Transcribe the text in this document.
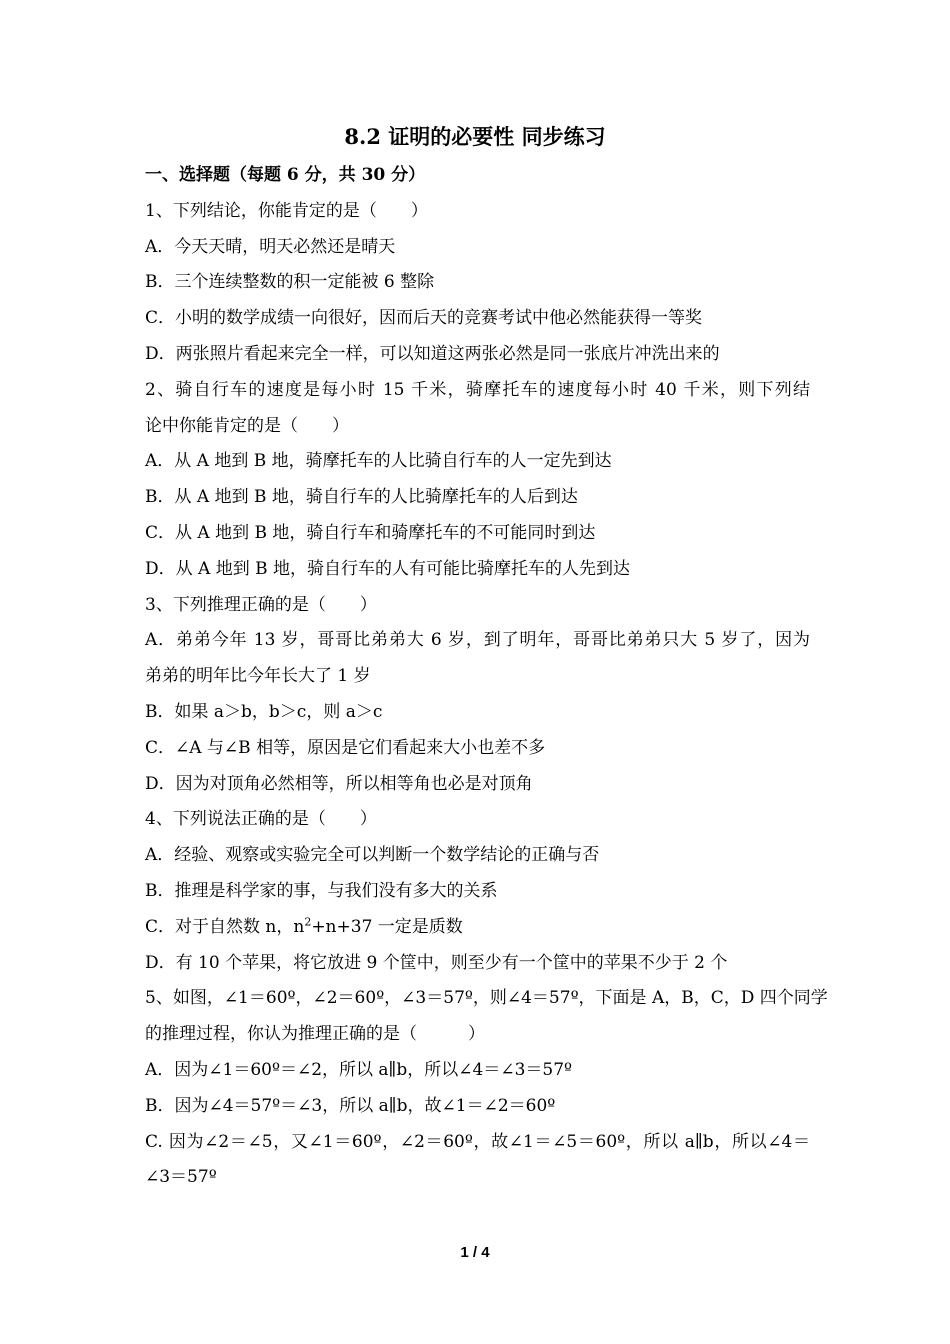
8.2 证明的必要性 同步练习
一、选择题（每题 6 分，共 30 分）
1、下列结论，你能肯定的是（　　）
A．今天天晴，明天必然还是晴天
B．三个连续整数的积一定能被 6 整除
C．小明的数学成绩一向很好，因而后天的竞赛考试中他必然能获得一等奖
D．两张照片看起来完全一样，可以知道这两张必然是同一张底片冲洗出来的
2、骑自行车的速度是每小时 15 千米，骑摩托车的速度每小时 40 千米，则下列结
论中你能肯定的是（　　）
A．从 A 地到 B 地，骑摩托车的人比骑自行车的人一定先到达
B．从 A 地到 B 地，骑自行车的人比骑摩托车的人后到达
C．从 A 地到 B 地，骑自行车和骑摩托车的不可能同时到达
D．从 A 地到 B 地，骑自行车的人有可能比骑摩托车的人先到达
3、下列推理正确的是（　　）
A．弟弟今年 13 岁，哥哥比弟弟大 6 岁，到了明年，哥哥比弟弟只大 5 岁了，因为
弟弟的明年比今年长大了 1 岁
B．如果 a＞b，b＞c，则 a＞c
C．∠A 与∠B 相等，原因是它们看起来大小也差不多
D．因为对顶角必然相等，所以相等角也必是对顶角
4、下列说法正确的是（　　）
A．经验、观察或实验完全可以判断一个数学结论的正确与否
B．推理是科学家的事，与我们没有多大的关系
C．对于自然数 n，$n^2+n+37$ 一定是质数
D．有 10 个苹果，将它放进 9 个筐中，则至少有一个筐中的苹果不少于 2 个
5、如图，∠1＝60º，∠2＝60º，∠3＝57º，则∠4＝57º，下面是 A，B，C，D 四个同学
的推理过程，你认为推理正确的是（　　　）
A．因为∠1＝60º＝∠2，所以 a∥b，所以∠4＝∠3＝57º
B．因为∠4＝57º＝∠3，所以 a∥b，故∠1＝∠2＝60º
C. 因为∠2＝∠5，又∠1＝60º，∠2＝60º，故∠1＝∠5＝60º，所以 a∥b，所以∠4＝
∠3＝57º
1 / 4
